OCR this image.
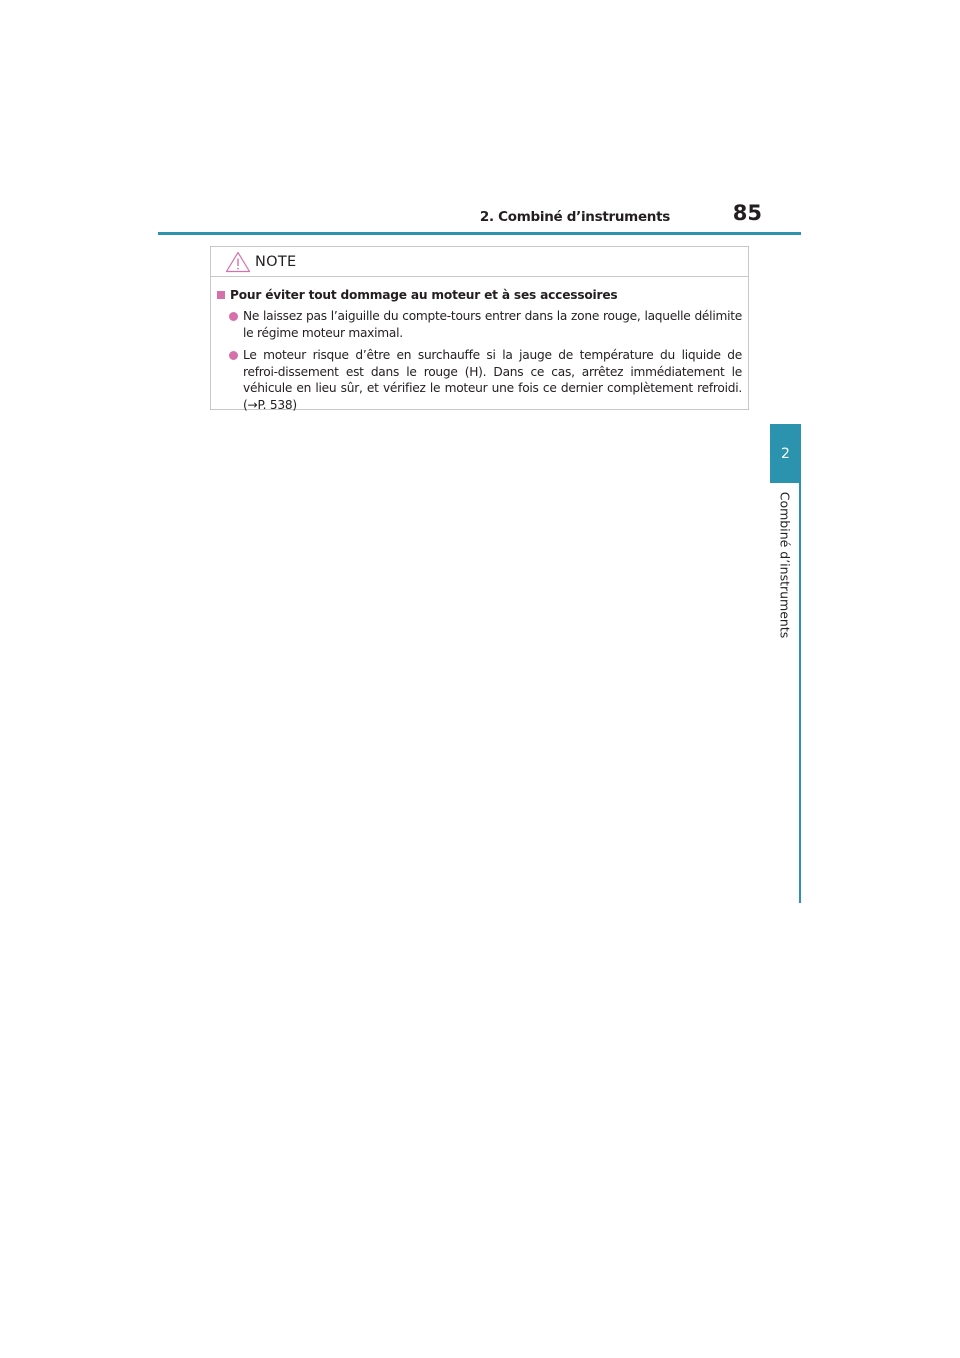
2. Combiné d’instruments	85
2
Combiné d’instruments
NOTE
Pour éviter tout dommage au moteur et à ses accessoires
Ne laissez pas l’aiguille du compte-tours entrer dans la zone rouge, laquelle délimite le régime moteur maximal.
Le moteur risque d’être en surchauffe si la jauge de température du liquide de refroi-dissement est dans le rouge (H). Dans ce cas, arrêtez immédiatement le véhicule en lieu sûr, et vérifiez le moteur une fois ce dernier complètement refroidi. (→P. 538)
